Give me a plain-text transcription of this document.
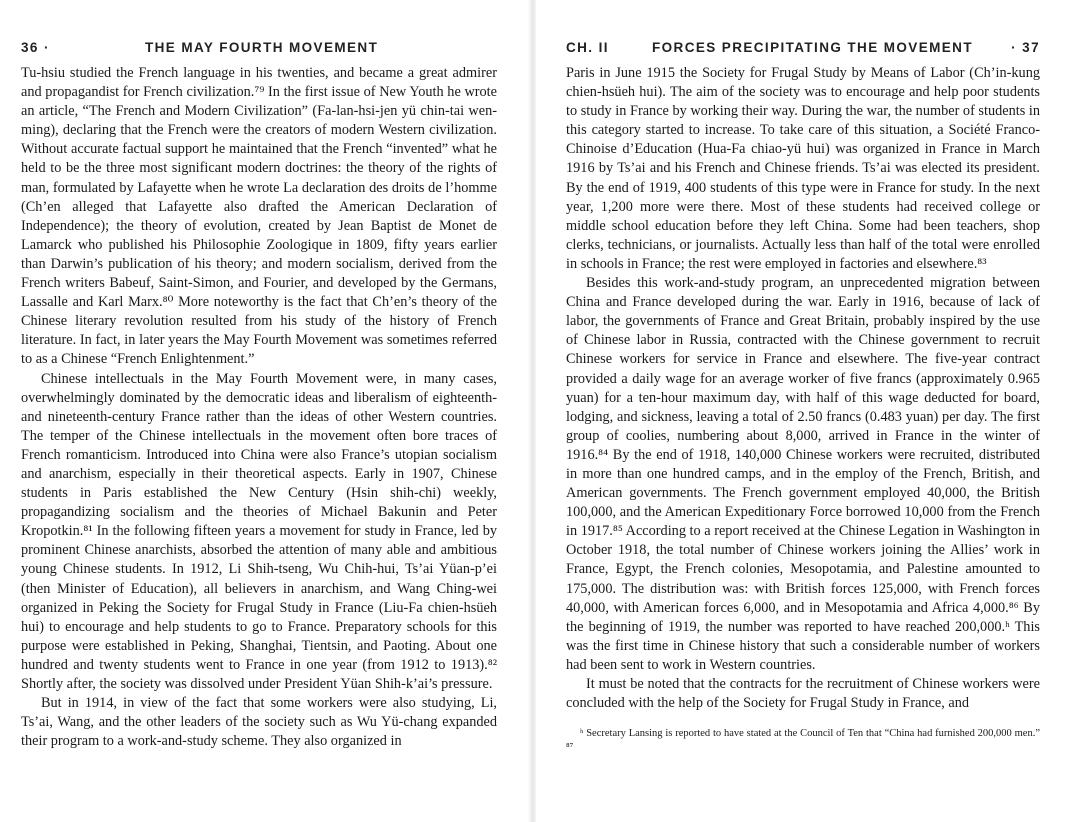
36 ·	THE MAY FOURTH MOVEMENT

Tu-hsiu studied the French language in his twenties, and became a great admirer and propagandist for French civilization.⁷⁹ In the first issue of New Youth he wrote an article, “The French and Modern Civilization” (Fa-lan-hsi-jen yü chin-tai wen-ming), declaring that the French were the creators of modern Western civilization. Without accurate factual support he maintained that the French “invented” what he held to be the three most significant modern doctrines: the theory of the rights of man, formulated by Lafayette when he wrote La declaration des droits de l’homme (Ch’en alleged that Lafayette also drafted the American Declaration of Independence); the theory of evolution, created by Jean Baptist de Monet de Lamarck who published his Philosophie Zoologique in 1809, fifty years earlier than Darwin’s publication of his theory; and modern socialism, derived from the French writers Babeuf, Saint-Simon, and Fourier, and developed by the Germans, Lassalle and Karl Marx.⁸⁰ More noteworthy is the fact that Ch’en’s theory of the Chinese literary revolution resulted from his study of the history of French literature. In fact, in later years the May Fourth Movement was sometimes referred to as a Chinese “French Enlightenment.”

Chinese intellectuals in the May Fourth Movement were, in many cases, overwhelmingly dominated by the democratic ideas and liberalism of eighteenth- and nineteenth-century France rather than the ideas of other Western countries. The temper of the Chinese intellectuals in the movement often bore traces of French romanticism. Introduced into China were also France’s utopian socialism and anarchism, especially in their theoretical aspects. Early in 1907, Chinese students in Paris established the New Century (Hsin shih-chi) weekly, propagandizing socialism and the theories of Michael Bakunin and Peter Kropotkin.⁸¹ In the following fifteen years a movement for study in France, led by prominent Chinese anarchists, absorbed the attention of many able and ambitious young Chinese students. In 1912, Li Shih-tseng, Wu Chih-hui, Ts’ai Yüan-p’ei (then Minister of Education), all believers in anarchism, and Wang Ching-wei organized in Peking the Society for Frugal Study in France (Liu-Fa chien-hsüeh hui) to encourage and help students to go to France. Preparatory schools for this purpose were established in Peking, Shanghai, Tientsin, and Paoting. About one hundred and twenty students went to France in one year (from 1912 to 1913).⁸² Shortly after, the society was dissolved under President Yüan Shih-k’ai’s pressure.

But in 1914, in view of the fact that some workers were also studying, Li, Ts’ai, Wang, and the other leaders of the society such as Wu Yü-chang expanded their program to a work-and-study scheme. They also organized in

CH. II	FORCES PRECIPITATING THE MOVEMENT	· 37

Paris in June 1915 the Society for Frugal Study by Means of Labor (Ch’in-kung chien-hsüeh hui). The aim of the society was to encourage and help poor students to study in France by working their way. During the war, the number of students in this category started to increase. To take care of this situation, a Société Franco-Chinoise d’Education (Hua-Fa chiao-yü hui) was organized in France in March 1916 by Ts’ai and his French and Chinese friends. Ts’ai was elected its president. By the end of 1919, 400 students of this type were in France for study. In the next year, 1,200 more were there. Most of these students had received college or middle school education before they left China. Some had been teachers, shop clerks, technicians, or journalists. Actually less than half of the total were enrolled in schools in France; the rest were employed in factories and elsewhere.⁸³

Besides this work-and-study program, an unprecedented migration between China and France developed during the war. Early in 1916, because of lack of labor, the governments of France and Great Britain, probably inspired by the use of Chinese labor in Russia, contracted with the Chinese government to recruit Chinese workers for service in France and elsewhere. The five-year contract provided a daily wage for an average worker of five francs (approximately 0.965 yuan) for a ten-hour maximum day, with half of this wage deducted for board, lodging, and sickness, leaving a total of 2.50 francs (0.483 yuan) per day. The first group of coolies, numbering about 8,000, arrived in France in the winter of 1916.⁸⁴ By the end of 1918, 140,000 Chinese workers were recruited, distributed in more than one hundred camps, and in the employ of the French, British, and American governments. The French government employed 40,000, the British 100,000, and the American Expeditionary Force borrowed 10,000 from the French in 1917.⁸⁵ According to a report received at the Chinese Legation in Washington in October 1918, the total number of Chinese workers joining the Allies’ work in France, Egypt, the French colonies, Mesopotamia, and Palestine amounted to 175,000. The distribution was: with British forces 125,000, with French forces 40,000, with American forces 6,000, and in Mesopotamia and Africa 4,000.⁸⁶ By the beginning of 1919, the number was reported to have reached 200,000.ʰ This was the first time in Chinese history that such a considerable number of workers had been sent to work in Western countries.

It must be noted that the contracts for the recruitment of Chinese workers were concluded with the help of the Society for Frugal Study in France, and

ʰ Secretary Lansing is reported to have stated at the Council of Ten that “China had furnished 200,000 men.” ⁸⁷
